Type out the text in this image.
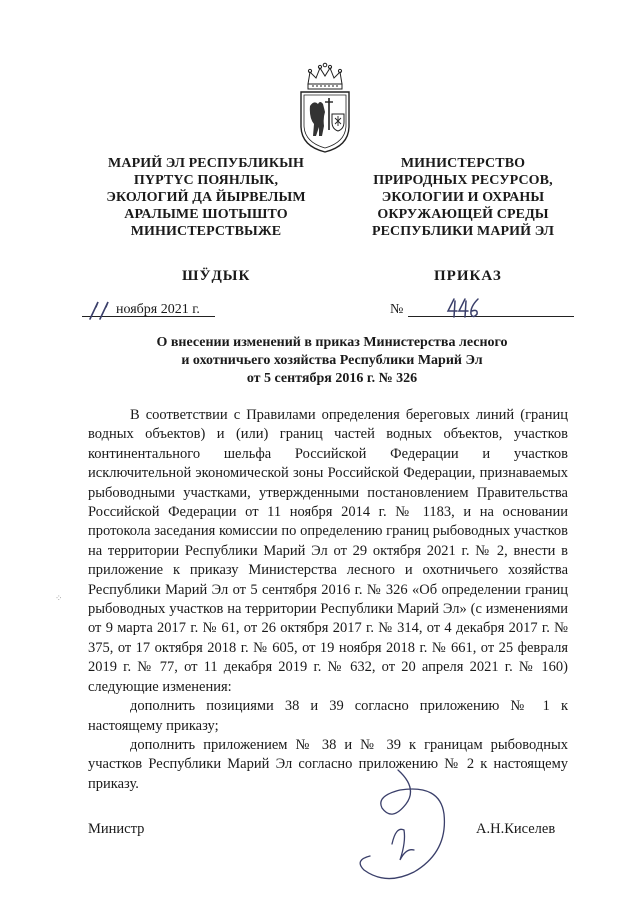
МАРИЙ ЭЛ РЕСПУБЛИКЫН
ПҮРТҮС ПОЯНЛЫК,
ЭКОЛОГИЙ ДА ЙЫРВЕЛЫМ
АРАЛЫМЕ ШОТЫШТО
МИНИСТЕРСТВЫЖЕ
МИНИСТЕРСТВО
ПРИРОДНЫХ РЕСУРСОВ,
ЭКОЛОГИИ И ОХРАНЫ
ОКРУЖАЮЩЕЙ СРЕДЫ
РЕСПУБЛИКИ МАРИЙ ЭЛ
ШӰДЫК	ПРИКАЗ
11
ноября 2021 г.	№
446
О внесении изменений в приказ Министерства лесного
и охотничьего хозяйства Республики Марий Эл
от 5 сентября 2016 г. № 326

В соответствии с Правилами определения береговых линий (границ водных объектов) и (или) границ частей водных объектов, участков континентального шельфа Российской Федерации и участков исключительной экономической зоны Российской Федерации, признаваемых рыбоводными участками, утвержденными постановлением Правительства Российской Федерации от 11 ноября 2014 г. № 1183, и на основании протокола заседания комиссии по определению границ рыбоводных участков на территории Республики Марий Эл от 29 октября 2021 г. № 2, внести в приложение к приказу Министерства лесного и охотничьего хозяйства Республики Марий Эл от 5 сентября 2016 г. № 326 «Об определении границ рыбоводных участков на территории Республики Марий Эл» (с изменениями от 9 марта 2017 г. № 61, от 26 октября 2017 г. № 314, от 4 декабря 2017 г. № 375, от 17 октября 2018 г. № 605, от 19 ноября 2018 г. № 661, от 25 февраля 2019 г. № 77, от 11 декабря 2019 г. № 632, от 20 апреля 2021 г. № 160) следующие изменения:

дополнить позициями 38 и 39 согласно приложению № 1 к настоящему приказу;

дополнить приложением № 38 и № 39 к границам рыбоводных участков Республики Марий Эл согласно приложению № 2 к настоящему приказу.

⁘
Министр	А.Н.Киселев
